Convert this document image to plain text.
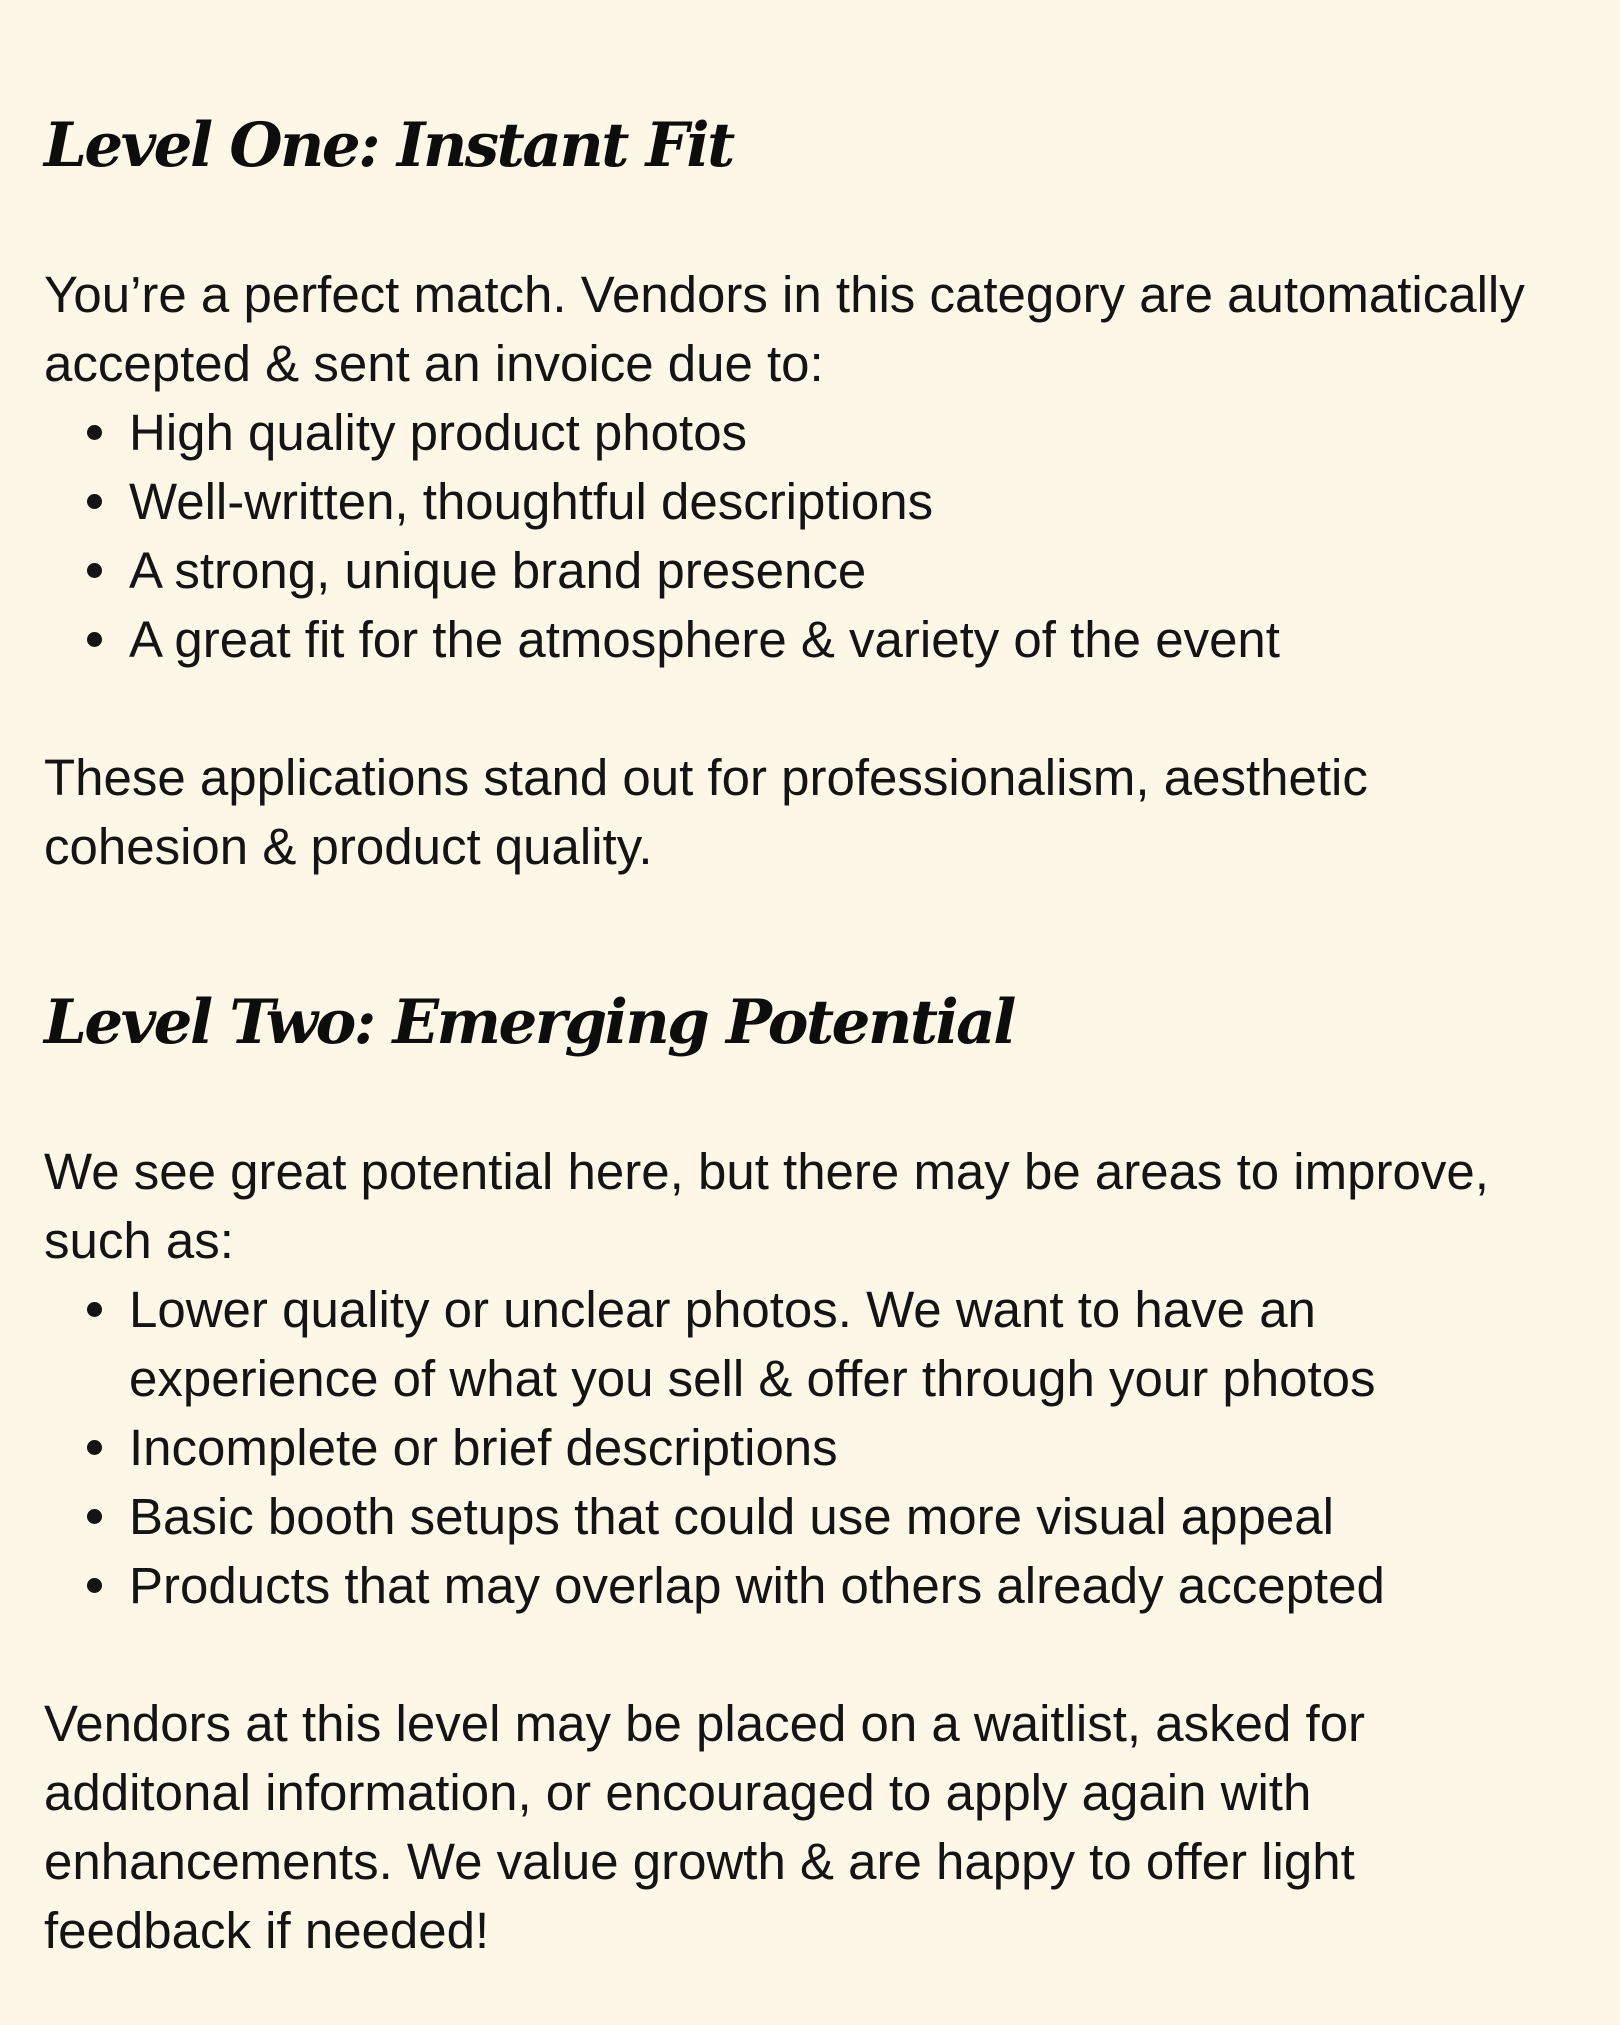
Level One: Instant Fit

You’re a perfect match. Vendors in this category are automatically accepted & sent an invoice due to:

High quality product photos
Well-written, thoughtful descriptions
A strong, unique brand presence
A great fit for the atmosphere & variety of the event

These applications stand out for professionalism, aesthetic cohesion & product quality.

Level Two: Emerging Potential

We see great potential here, but there may be areas to improve, such as:

Lower quality or unclear photos. We want to have an experience of what you sell & offer through your photos
Incomplete or brief descriptions
Basic booth setups that could use more visual appeal
Products that may overlap with others already accepted

Vendors at this level may be placed on a waitlist, asked for additonal information, or encouraged to apply again with enhancements. We value growth & are happy to offer light feedback if needed!
